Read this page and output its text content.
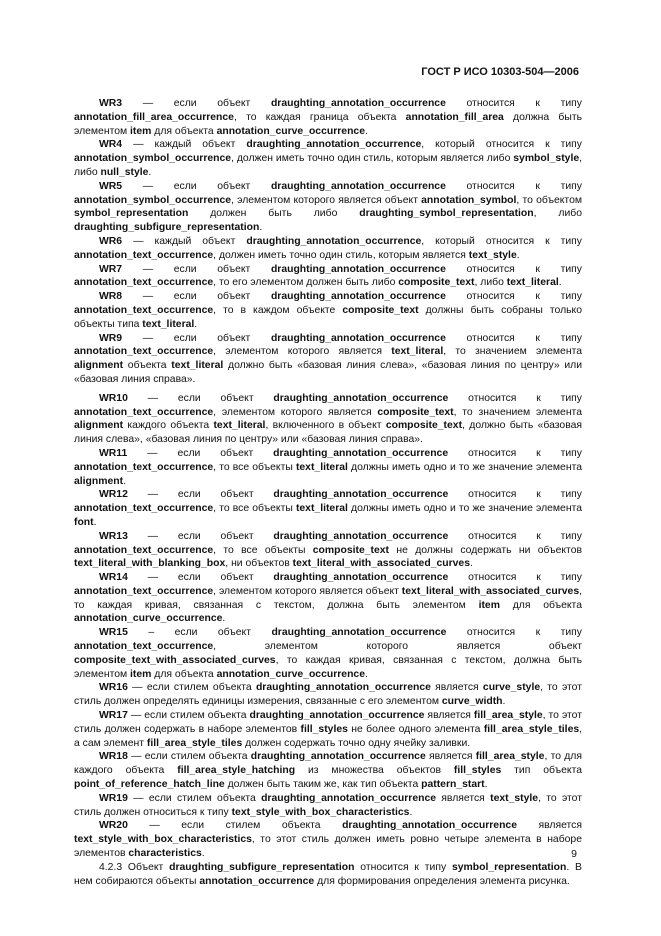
ГОСТ Р ИСО 10303-504—2006

WR3 — если объект draughting_annotation_occurrence относится к типу annotation_fill_area_occurrence, то каждая граница объекта annotation_fill_area должна быть элементом item для объекта annotation_curve_occurrence.

WR4 — каждый объект draughting_annotation_occurrence, который относится к типу annotation_symbol_occurrence, должен иметь точно один стиль, которым является либо symbol_style, либо null_style.

WR5 — если объект draughting_annotation_occurrence относится к типу annotation_symbol_occurrence, элементом которого является объект annotation_symbol, то объектом symbol_representation должен быть либо draughting_symbol_representation, либо draughting_subfigure_representation.

WR6 — каждый объект draughting_annotation_occurrence, который относится к типу annotation_text_occurrence, должен иметь точно один стиль, которым является text_style.

WR7 — если объект draughting_annotation_occurrence относится к типу annotation_text_occurrence, то его элементом должен быть либо composite_text, либо text_literal.

WR8 — если объект draughting_annotation_occurrence относится к типу annotation_text_occurrence, то в каждом объекте composite_text должны быть собраны только объекты типа text_literal.

WR9 — если объект draughting_annotation_occurrence относится к типу annotation_text_occurrence, элементом которого является text_literal, то значением элемента alignment объекта text_literal должно быть «базовая линия слева», «базовая линия по центру» или «базовая линия справа».

WR10 — если объект draughting_annotation_occurrence относится к типу annotation_text_occurrence, элементом которого является composite_text, то значением элемента alignment каждого объекта text_literal, включенного в объект composite_text, должно быть «базовая линия слева», «базовая линия по центру» или «базовая линия справа».

WR11 — если объект draughting_annotation_occurrence относится к типу annotation_text_occurrence, то все объекты text_literal должны иметь одно и то же значение элемента alignment.

WR12 — если объект draughting_annotation_occurrence относится к типу annotation_text_occurrence, то все объекты text_literal должны иметь одно и то же значение элемента font.

WR13 — если объект draughting_annotation_occurrence относится к типу annotation_text_occurrence, то все объекты composite_text не должны содержать ни объектов text_literal_with_blanking_box, ни объектов text_literal_with_associated_curves.

WR14 — если объект draughting_annotation_occurrence относится к типу annotation_text_occurrence, элементом которого является объект text_literal_with_associated_curves, то каждая кривая, связанная с текстом, должна быть элементом item для объекта annotation_curve_occurrence.

WR15 – если объект draughting_annotation_occurrence относится к типу annotation_text_occurrence, элементом которого является объект composite_text_with_associated_curves, то каждая кривая, связанная с текстом, должна быть элементом item для объекта annotation_curve_occurrence.

WR16 — если стилем объекта draughting_annotation_occurrence является curve_style, то этот стиль должен определять единицы измерения, связанные с его элементом curve_width.

WR17 — если стилем объекта draughting_annotation_occurrence является fill_area_style, то этот стиль должен содержать в наборе элементов fill_styles не более одного элемента fill_area_style_tiles, а сам элемент fill_area_style_tiles должен содержать точно одну ячейку заливки.

WR18 — если стилем объекта draughting_annotation_occurrence является fill_area_style, то для каждого объекта fill_area_style_hatching из множества объектов fill_styles тип объекта point_of_reference_hatch_line должен быть таким же, как тип объекта pattern_start.

WR19 — если стилем объекта draughting_annotation_occurrence является text_style, то этот стиль должен относиться к типу text_style_with_box_characteristics.

WR20 — если стилем объекта draughting_annotation_occurrence является text_style_with_box_characteristics, то этот стиль должен иметь ровно четыре элемента в наборе элементов characteristics.

4.2.3 Объект draughting_subfigure_representation относится к типу symbol_representation. В нем собираются объекты annotation_occurrence для формирования определения элемента рисунка.

9
